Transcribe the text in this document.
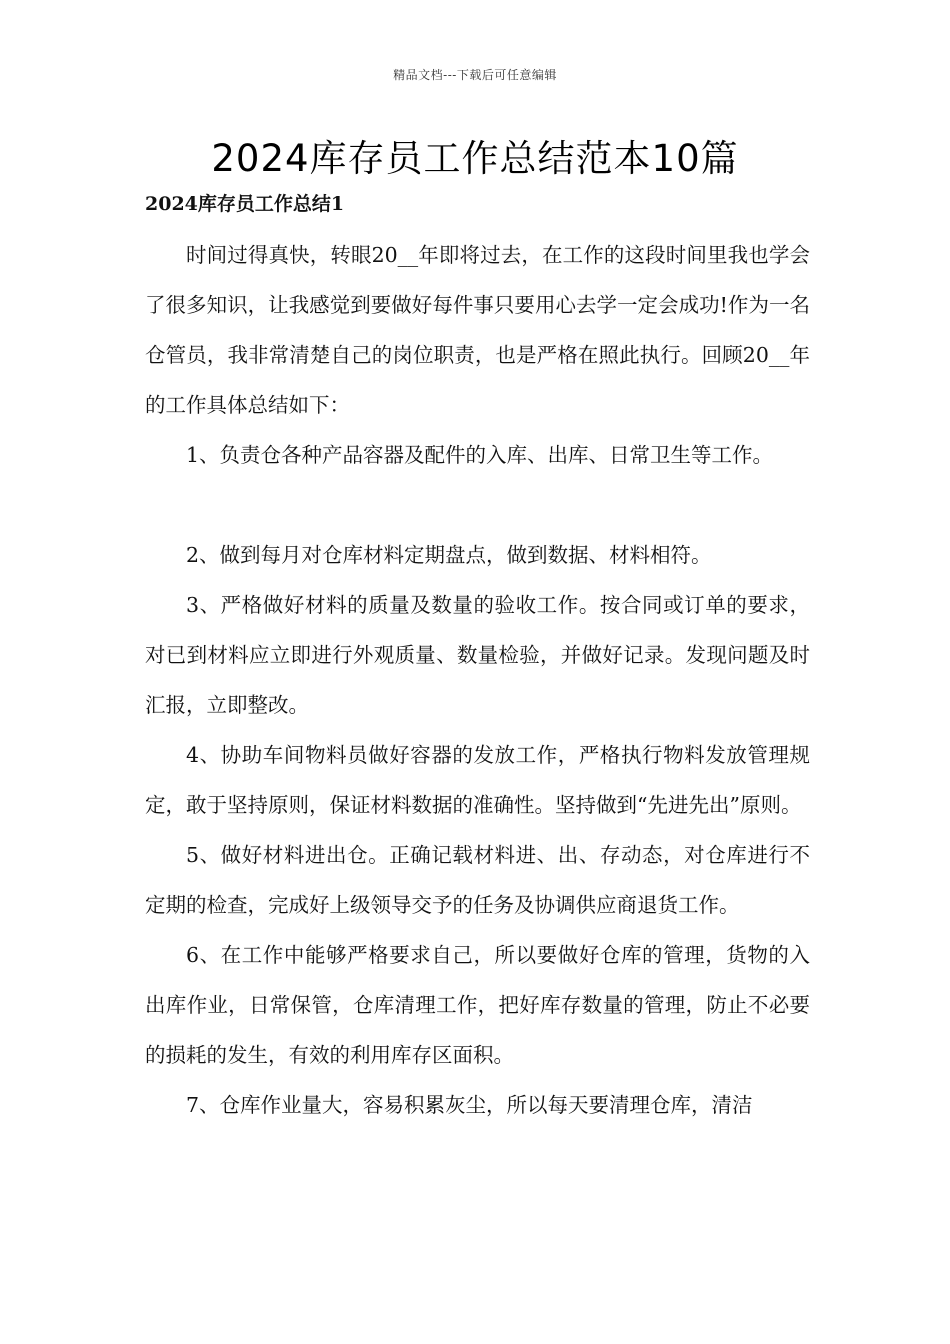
精品文档---下载后可任意编辑
2024库存员工作总结范本10篇
2024库存员工作总结1

时间过得真快，转眼20__年即将过去，在工作的这段时间里我也学会了很多知识，让我感觉到要做好每件事只要用心去学一定会成功!作为一名仓管员，我非常清楚自己的岗位职责，也是严格在照此执行。回顾20__年的工作具体总结如下：

1、负责仓各种产品容器及配件的入库、出库、日常卫生等工作。

2、做到每月对仓库材料定期盘点，做到数据、材料相符。

3、严格做好材料的质量及数量的验收工作。按合同或订单的要求，对已到材料应立即进行外观质量、数量检验，并做好记录。发现问题及时汇报，立即整改。

4、协助车间物料员做好容器的发放工作，严格执行物料发放管理规定，敢于坚持原则，保证材料数据的准确性。坚持做到“先进先出”原则。

5、做好材料进出仓。正确记载材料进、出、存动态，对仓库进行不定期的检查，完成好上级领导交予的任务及协调供应商退货工作。

6、在工作中能够严格要求自己，所以要做好仓库的管理，货物的入出库作业，日常保管，仓库清理工作，把好库存数量的管理，防止不必要的损耗的发生，有效的利用库存区面积。

7、仓库作业量大，容易积累灰尘，所以每天要清理仓库，清洁
